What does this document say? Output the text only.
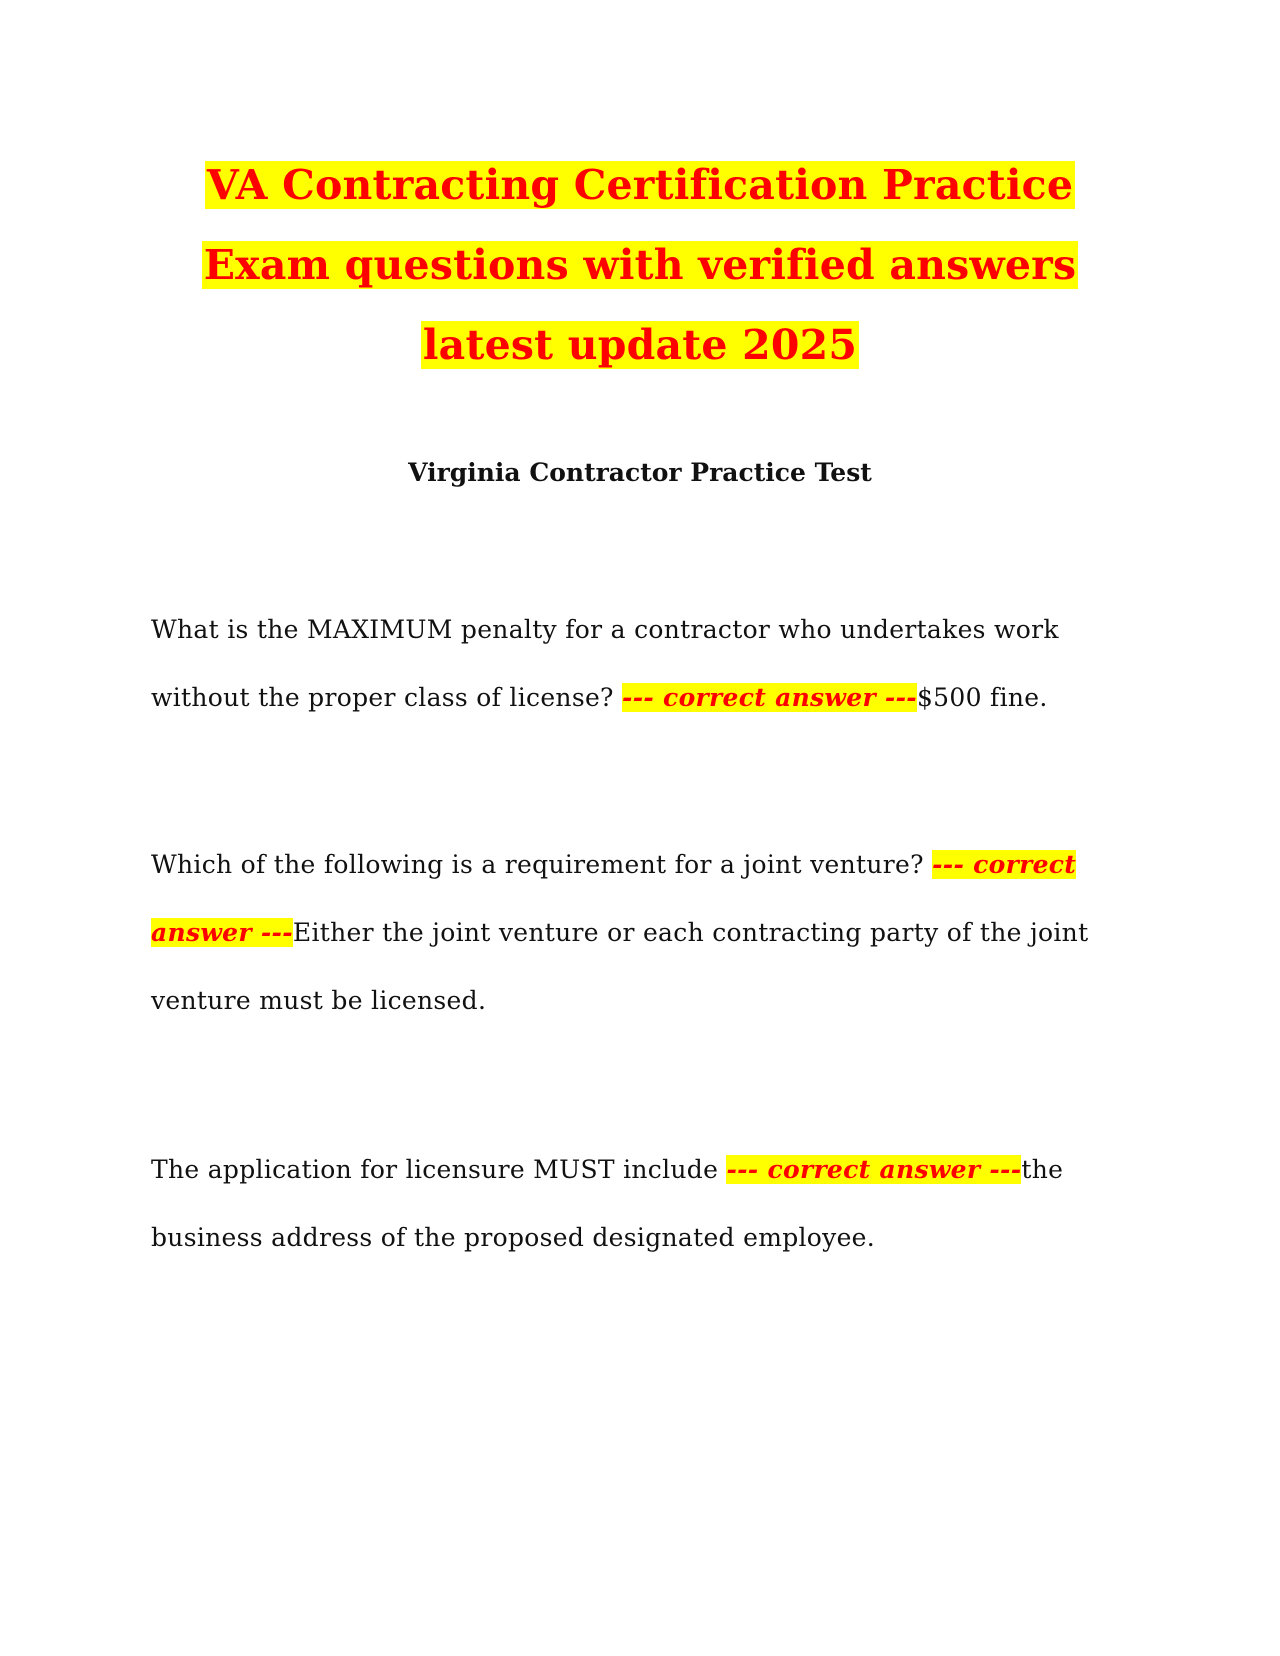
VA Contracting Certification Practice
Exam questions with verified answers
latest update 2025
Virginia Contractor Practice Test
What is the MAXIMUM penalty for a contractor who undertakes work without the proper class of license? --- correct answer ---$500 fine.
Which of the following is a requirement for a joint venture? --- correct answer ---Either the joint venture or each contracting party of the joint venture must be licensed.
The application for licensure MUST include --- correct answer ---the business address of the proposed designated employee.
